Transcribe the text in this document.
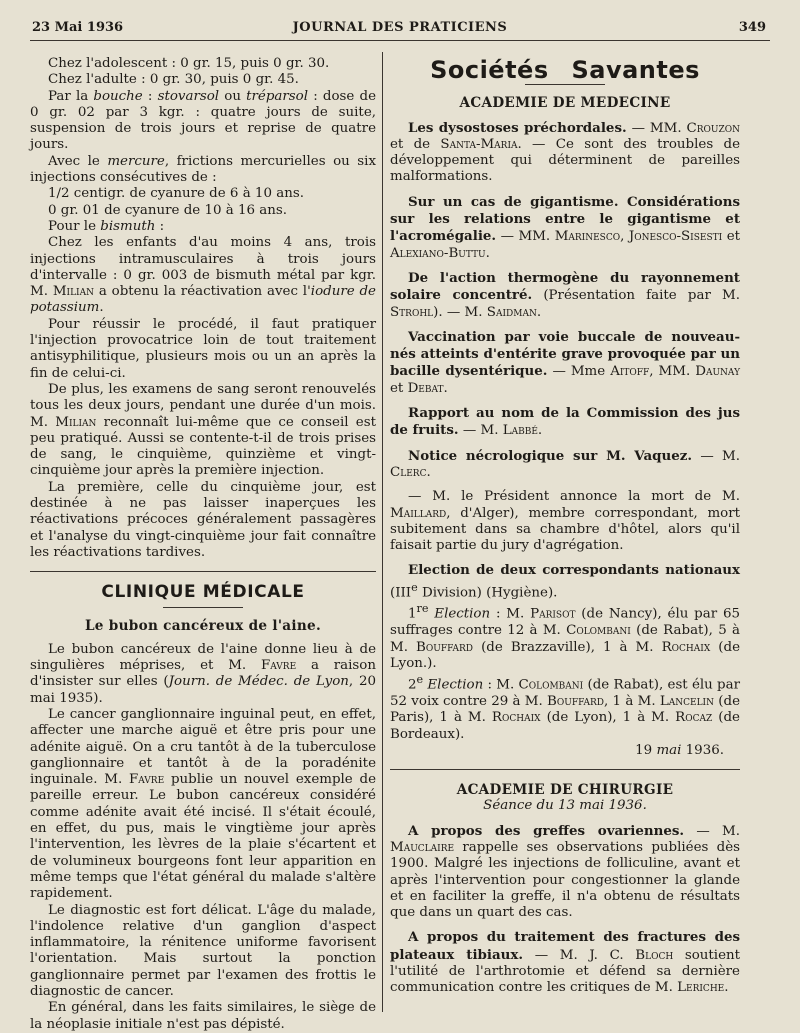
23 Mai 1936	JOURNAL DES PRATICIENS	349

Chez l'adolescent : 0 gr. 15, puis 0 gr. 30.

Chez l'adulte : 0 gr. 30, puis 0 gr. 45.

Par la bouche : stovarsol ou tréparsol : dose de 0 gr. 02 par 3 kgr. : quatre jours de suite, suspension de trois jours et reprise de quatre jours.

Avec le mercure, frictions mercurielles ou six injections consécutives de :

1/2 centigr. de cyanure de 6 à 10 ans.

0 gr. 01 de cyanure de 10 à 16 ans.

Pour le bismuth :

Chez les enfants d'au moins 4 ans, trois injections intramusculaires à trois jours d'intervalle : 0 gr. 003 de bismuth métal par kgr. M. Milian a obtenu la réactivation avec l'iodure de potassium.

Pour réussir le procédé, il faut pratiquer l'injection provocatrice loin de tout traitement antisyphilitique, plusieurs mois ou un an après la fin de celui-ci.

De plus, les examens de sang seront renouvelés tous les deux jours, pendant une durée d'un mois. M. Milian reconnaît lui-même que ce conseil est peu pratiqué. Aussi se contente-t-il de trois prises de sang, le cinquième, quinzième et vingt-cinquième jour après la première injection.

La première, celle du cinquième jour, est destinée à ne pas laisser inaperçues les réactivations précoces généralement passagères et l'analyse du vingt-cinquième jour fait connaître les réactivations tardives.

CLINIQUE MÉDICALE
Le bubon cancéreux de l'aine.

Le bubon cancéreux de l'aine donne lieu à de singulières méprises, et M. Favre a raison d'insister sur elles (Journ. de Médec. de Lyon, 20 mai 1935).

Le cancer ganglionnaire inguinal peut, en effet, affecter une marche aiguë et être pris pour une adénite aiguë. On a cru tantôt à de la tuberculose ganglionnaire et tantôt à de la poradénite inguinale. M. Favre publie un nouvel exemple de pareille erreur. Le bubon cancéreux considéré comme adénite avait été incisé. Il s'était écoulé, en effet, du pus, mais le vingtième jour après l'intervention, les lèvres de la plaie s'écartent et de volumineux bourgeons font leur apparition en même temps que l'état général du malade s'altère rapidement.

Le diagnostic est fort délicat. L'âge du malade, l'indolence relative d'un ganglion d'aspect inflammatoire, la rénitence uniforme favorisent l'orientation. Mais surtout la ponction ganglionnaire permet par l'examen des frottis le diagnostic de cancer.

En général, dans les faits similaires, le siège de la néoplasie initiale n'est pas dépisté.

Sociétés Savantes
ACADEMIE DE MEDECINE

Les dysostoses préchordales. — MM. Crouzon et de Santa-Maria. — Ce sont des troubles de développement qui déterminent de pareilles malformations.

Sur un cas de gigantisme. Considérations sur les relations entre le gigantisme et l'acromégalie. — MM. Marinesco, Jonesco-Sisesti et Alexiano-Buttu.

De l'action thermogène du rayonnement solaire concentré. (Présentation faite par M. Strohl). — M. Saidman.

Vaccination par voie buccale de nouveau-nés atteints d'entérite grave provoquée par un bacille dysentérique. — Mme Aitoff, MM. Daunay et Debat.

Rapport au nom de la Commission des jus de fruits. — M. Labbé.

Notice nécrologique sur M. Vaquez. — M. Clerc.

— M. le Président annonce la mort de M. Maillard, d'Alger), membre correspondant, mort subitement dans sa chambre d'hôtel, alors qu'il faisait partie du jury d'agrégation.

Election de deux correspondants nationaux (IIIe Division) (Hygiène).

1re Election : M. Parisot (de Nancy), élu par 65 suffrages contre 12 à M. Colombani (de Rabat), 5 à M. Bouffard (de Brazzaville), 1 à M. Rochaix (de Lyon.).

2e Election : M. Colombani (de Rabat), est élu par 52 voix contre 29 à M. Bouffard, 1 à M. Lancelin (de Paris), 1 à M. Rochaix (de Lyon), 1 à M. Rocaz (de Bordeaux).

19 mai 1936.

ACADEMIE DE CHIRURGIE
Séance du 13 mai 1936.

A propos des greffes ovariennes. — M. Mauclaire rappelle ses observations publiées dès 1900. Malgré les injections de folliculine, avant et après l'intervention pour congestionner la glande et en faciliter la greffe, il n'a obtenu de résultats que dans un quart des cas.

A propos du traitement des fractures des plateaux tibiaux. — M. J. C. Bloch soutient l'utilité de l'arthrotomie et défend sa dernière communication contre les critiques de M. Leriche.
